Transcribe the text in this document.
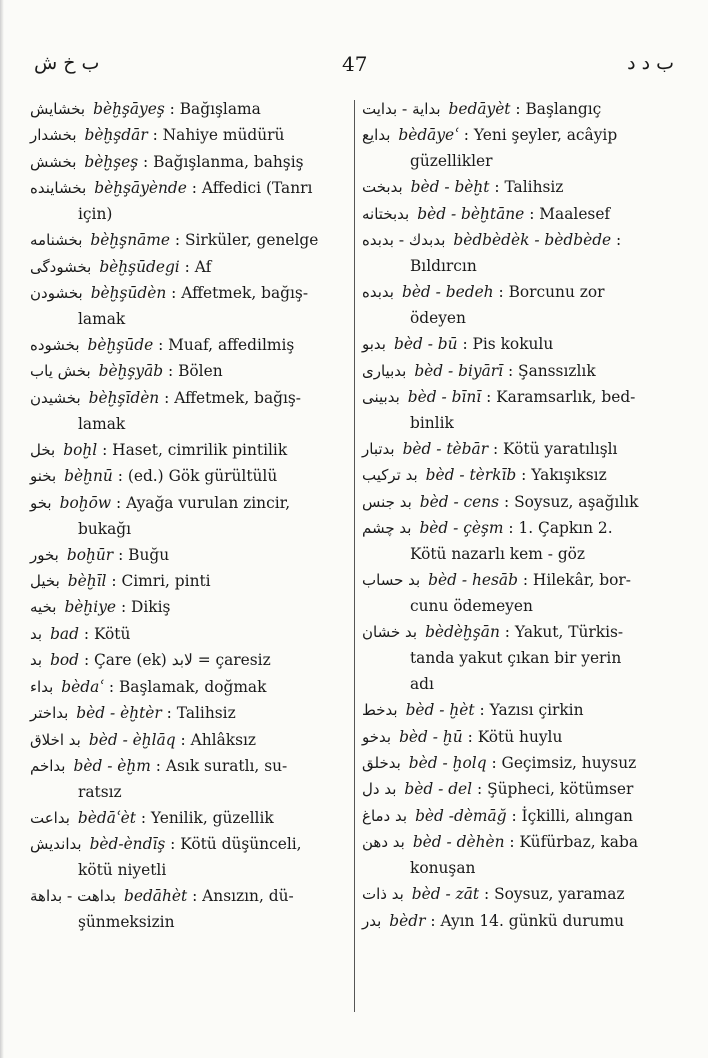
ب خ ش	47	ب د د
بخشايش bèḫşāyeş : Bağışlama
بخشدار bèḫşdār : Nahiye müdürü
بخشش bèḫşeş : Bağışlanma, bahşiş
بخشايندە bèḫşāyènde : Affedici (Tanrı
için)
بخشنامه bèḫşnāme : Sirküler, genelge
بخشودگی bèḫşūdegi : Af
بخشودن bèḫşūdèn : Affetmek, bağış-
lamak
بخشودە bèḫşūde : Muaf, affedilmiş
بخش ياب bèḫşyāb : Bölen
بخشيدن bèḫşīdèn : Affetmek, bağış-
lamak
بخل boḫl : Haset, cimrilik pintilik
بخنو bèḫnū : (ed.) Gök gürültülü
بخو boḫōw : Ayağa vurulan zincir,
bukağı
بخور boḫūr : Buğu
بخيل bèḫīl : Cimri, pinti
بخيه bèḫiye : Dikiş
بد bad : Kötü
بد bod : Çare (ek) لابد = çaresiz
بداء bèdaʿ : Başlamak, doğmak
بداختر bèd - èḫtèr : Talihsiz
بد اخلاق bèd - èḫlāq : Ahlâksız
بداخم bèd - èḫm : Asık suratlı, su-
ratsız
بداعت bèdāʿèt : Yenilik, güzellik
بدانديش bèd-èndīş : Kötü düşünceli,
kötü niyetli
بداهت - بداهة bedāhèt : Ansızın, dü-
şünmeksizin
بداية - بدايت bedāyèt : Başlangıç
بدايع bèdāyeʿ : Yeni şeyler, acâyip
güzellikler
بدبخت bèd - bèḫt : Talihsiz
بدبختانه bèd - bèḫtāne : Maalesef
بدبدك - بدبده bèdbèdèk - bèdbède :
Bıldırcın
بدبده bèd - bedeh : Borcunu zor
ödeyen
بدبو bèd - bū : Pis kokulu
بدبيارى bèd - biyārī : Şanssızlık
بدبينى bèd - bīnī : Karamsarlık, bed-
binlik
بدتبار bèd - tèbār : Kötü yaratılışlı
بد تركيب bèd - tèrkīb : Yakışıksız
بد جنس bèd - cens : Soysuz, aşağılık
بد چشم bèd - çèşm : 1. Çapkın 2.
Kötü nazarlı kem - göz
بد حساب bèd - hesāb : Hilekâr, bor-
cunu ödemeyen
بد خشان bèdèḫşān : Yakut, Türkis-
tanda yakut çıkan bir yerin
adı
بدخط bèd - ḫèt : Yazısı çirkin
بدخو bèd - ḫū : Kötü huylu
بدخلق bèd - ḫolq : Geçimsiz, huysuz
بد دل bèd - del : Şüpheci, kötümser
بد دماغ bèd -dèmāğ : İçkilli, alıngan
بد دهن bèd - dèhèn : Küfürbaz, kaba
konuşan
بد ذات bèd - zāt : Soysuz, yaramaz
بدر bèdr : Ayın 14. günkü durumu
